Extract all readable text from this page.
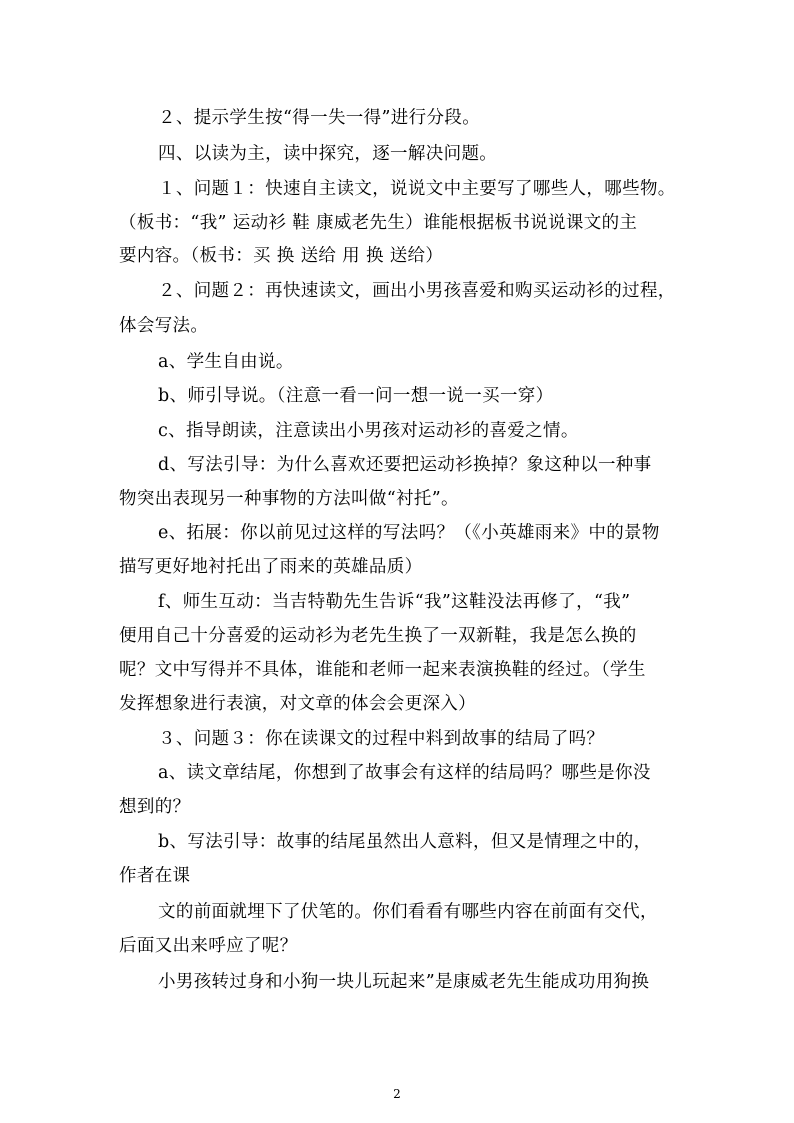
２、提示学生按“得一失一得”进行分段。
四、以读为主，读中探究，逐一解决问题。
１、问题１：快速自主读文，说说文中主要写了哪些人，哪些物。
（板书：“我” 运动衫 鞋 康威老先生）谁能根据板书说说课文的主
要内容。（板书：买 换 送给 用 换 送给）
２、问题２：再快速读文，画出小男孩喜爱和购买运动衫的过程，
体会写法。
a、学生自由说。
b、师引导说。（注意一看一问一想一说一买一穿）
c、指导朗读，注意读出小男孩对运动衫的喜爱之情。
d、写法引导：为什么喜欢还要把运动衫换掉？象这种以一种事
物突出表现另一种事物的方法叫做“衬托”。
e、拓展：你以前见过这样的写法吗？（《小英雄雨来》中的景物
描写更好地衬托出了雨来的英雄品质）
f、师生互动：当吉特勒先生告诉“我”这鞋没法再修了，“我”
便用自己十分喜爱的运动衫为老先生换了一双新鞋，我是怎么换的
呢？文中写得并不具体，谁能和老师一起来表演换鞋的经过。（学生
发挥想象进行表演，对文章的体会会更深入）
３、问题３：你在读课文的过程中料到故事的结局了吗？
a、读文章结尾，你想到了故事会有这样的结局吗？哪些是你没
想到的？
b、写法引导：故事的结尾虽然出人意料，但又是情理之中的，
作者在课
文的前面就埋下了伏笔的。你们看看有哪些内容在前面有交代，
后面又出来呼应了呢？
小男孩转过身和小狗一块儿玩起来”是康威老先生能成功用狗换
2
